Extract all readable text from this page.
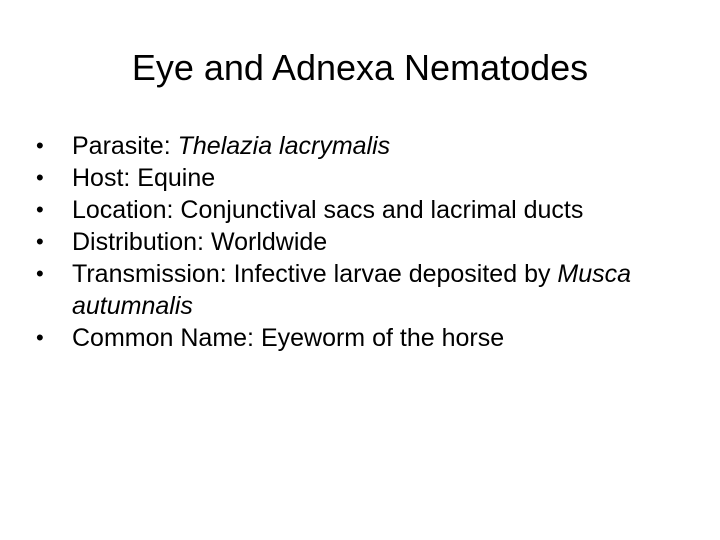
Eye and Adnexa Nematodes
•	Parasite: Thelazia lacrymalis
•	Host: Equine
•	Location: Conjunctival sacs and lacrimal ducts
•	Distribution: Worldwide
•	Transmission: Infective larvae deposited by Musca autumnalis
•	Common Name: Eyeworm of the horse
